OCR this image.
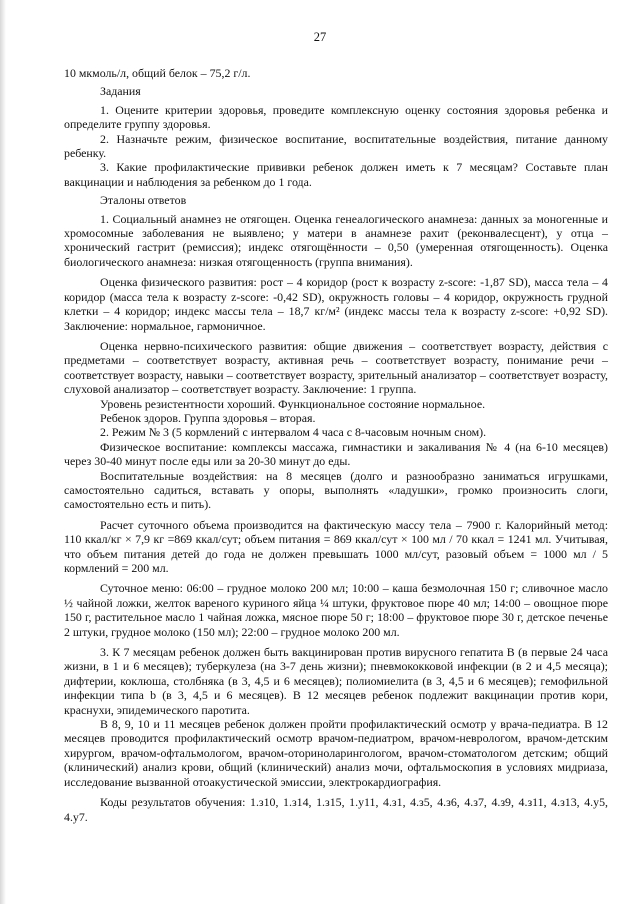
27

10 мкмоль/л, общий белок – 75,2 г/л.

Задания

1. Оцените критерии здоровья, проведите комплексную оценку состояния здоровья ребенка и определите группу здоровья.

2. Назначьте режим, физическое воспитание, воспитательные воздействия, питание данному ребенку.

3. Какие профилактические прививки ребенок должен иметь к 7 месяцам? Составьте план вакцинации и наблюдения за ребенком до 1 года.

Эталоны ответов

1. Социальный анамнез не отягощен. Оценка генеалогического анамнеза: данных за моногенные и хромосомные заболевания не выявлено; у матери в анамнезе рахит (реконвалесцент), у отца – хронический гастрит (ремиссия); индекс отягощённости – 0,50 (умеренная отягощенность). Оценка биологического анамнеза: низкая отягощенность (группа внимания).

Оценка физического развития: рост – 4 коридор (рост к возрасту z-score: -1,87 SD), масса тела – 4 коридор (масса тела к возрасту z-score: -0,42 SD), окружность головы – 4 коридор, окружность грудной клетки – 4 коридор; индекс массы тела – 18,7 кг/м² (индекс массы тела к возрасту z-score: +0,92 SD). Заключение: нормальное, гармоничное.

Оценка нервно-психического развития: общие движения – соответствует возрасту, действия с предметами – соответствует возрасту, активная речь – соответствует возрасту, понимание речи – соответствует возрасту, навыки – соответствует возрасту, зрительный анализатор – соответствует возрасту, слуховой анализатор – соответствует возрасту. Заключение: 1 группа.

Уровень резистентности хороший. Функциональное состояние нормальное.

Ребенок здоров. Группа здоровья – вторая.

2. Режим № 3 (5 кормлений с интервалом 4 часа с 8-часовым ночным сном).

Физическое воспитание: комплексы массажа, гимнастики и закаливания № 4 (на 6-10 месяцев) через 30-40 минут после еды или за 20-30 минут до еды.

Воспитательные воздействия: на 8 месяцев (долго и разнообразно заниматься игрушками, самостоятельно садиться, вставать у опоры, выполнять «ладушки», громко произносить слоги, самостоятельно есть и пить).

Расчет суточного объема производится на фактическую массу тела – 7900 г. Калорийный метод: 110 ккал/кг × 7,9 кг =869 ккал/сут; объем питания = 869 ккал/сут × 100 мл / 70 ккал = 1241 мл. Учитывая, что объем питания детей до года не должен превышать 1000 мл/сут, разовый объем = 1000 мл / 5 кормлений = 200 мл.

Суточное меню: 06:00 – грудное молоко 200 мл; 10:00 – каша безмолочная 150 г; сливочное масло ½ чайной ложки, желток вареного куриного яйца ¼ штуки, фруктовое пюре 40 мл; 14:00 – овощное пюре 150 г, растительное масло 1 чайная ложка, мясное пюре 50 г; 18:00 – фруктовое пюре 30 г, детское печенье 2 штуки, грудное молоко (150 мл); 22:00 – грудное молоко 200 мл.

3. К 7 месяцам ребенок должен быть вакцинирован против вирусного гепатита В (в первые 24 часа жизни, в 1 и 6 месяцев); туберкулеза (на 3-7 день жизни); пневмококковой инфекции (в 2 и 4,5 месяца); дифтерии, коклюша, столбняка (в 3, 4,5 и 6 месяцев); полиомиелита (в 3, 4,5 и 6 месяцев); гемофильной инфекции типа b (в 3, 4,5 и 6 месяцев). В 12 месяцев ребенок подлежит вакцинации против кори, краснухи, эпидемического паротита.

В 8, 9, 10 и 11 месяцев ребенок должен пройти профилактический осмотр у врача-педиатра. В 12 месяцев проводится профилактический осмотр врачом-педиатром, врачом-неврологом, врачом-детским хирургом, врачом-офтальмологом, врачом-оториноларингологом, врачом-стоматологом детским; общий (клинический) анализ крови, общий (клинический) анализ мочи, офтальмоскопия в условиях мидриаза, исследование вызванной отоакустической эмиссии, электрокардиография.

Коды результатов обучения: 1.з10, 1.з14, 1.з15, 1.у11, 4.з1, 4.з5, 4.з6, 4.з7, 4.з9, 4.з11, 4.з13, 4.у5, 4.у7.
